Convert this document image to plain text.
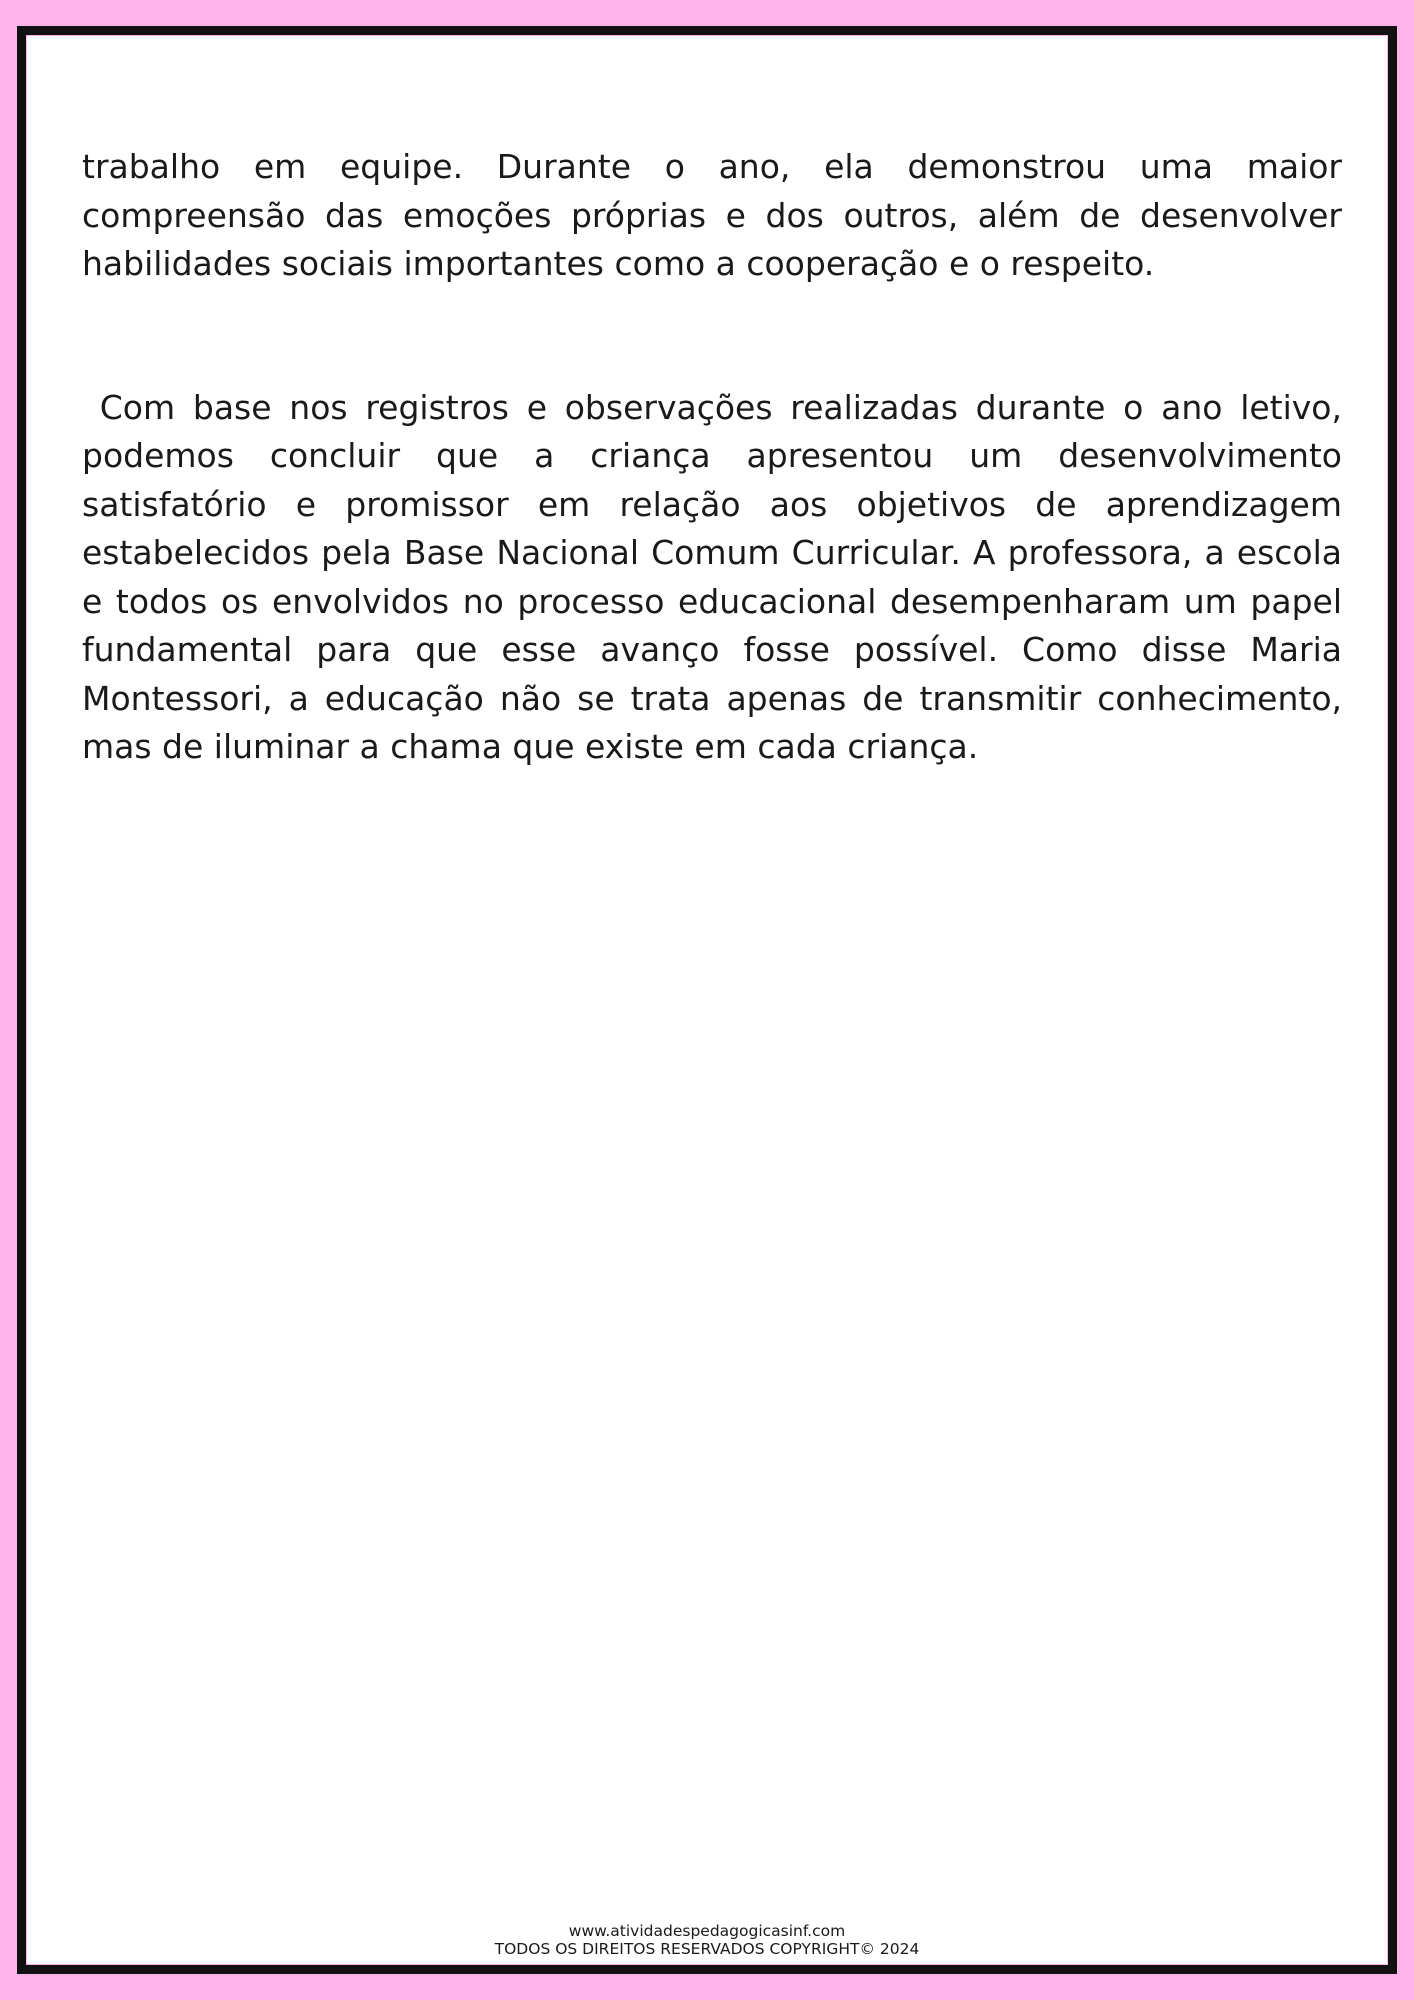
trabalho em equipe. Durante o ano, ela demonstrou uma maior compreensão das emoções próprias e dos outros, além de desenvolver habilidades sociais importantes como a cooperação e o respeito.

Com base nos registros e observações realizadas durante o ano letivo, podemos concluir que a criança apresentou um desenvolvimento satisfatório e promissor em relação aos objetivos de aprendizagem estabelecidos pela Base Nacional Comum Curricular. A professora, a escola e todos os envolvidos no processo educacional desempenharam um papel fundamental para que esse avanço fosse possível. Como disse Maria Montessori, a educação não se trata apenas de transmitir conhecimento, mas de iluminar a chama que existe em cada criança.

www.atividadespedagogicasinf.com
TODOS OS DIREITOS RESERVADOS COPYRIGHT© 2024
